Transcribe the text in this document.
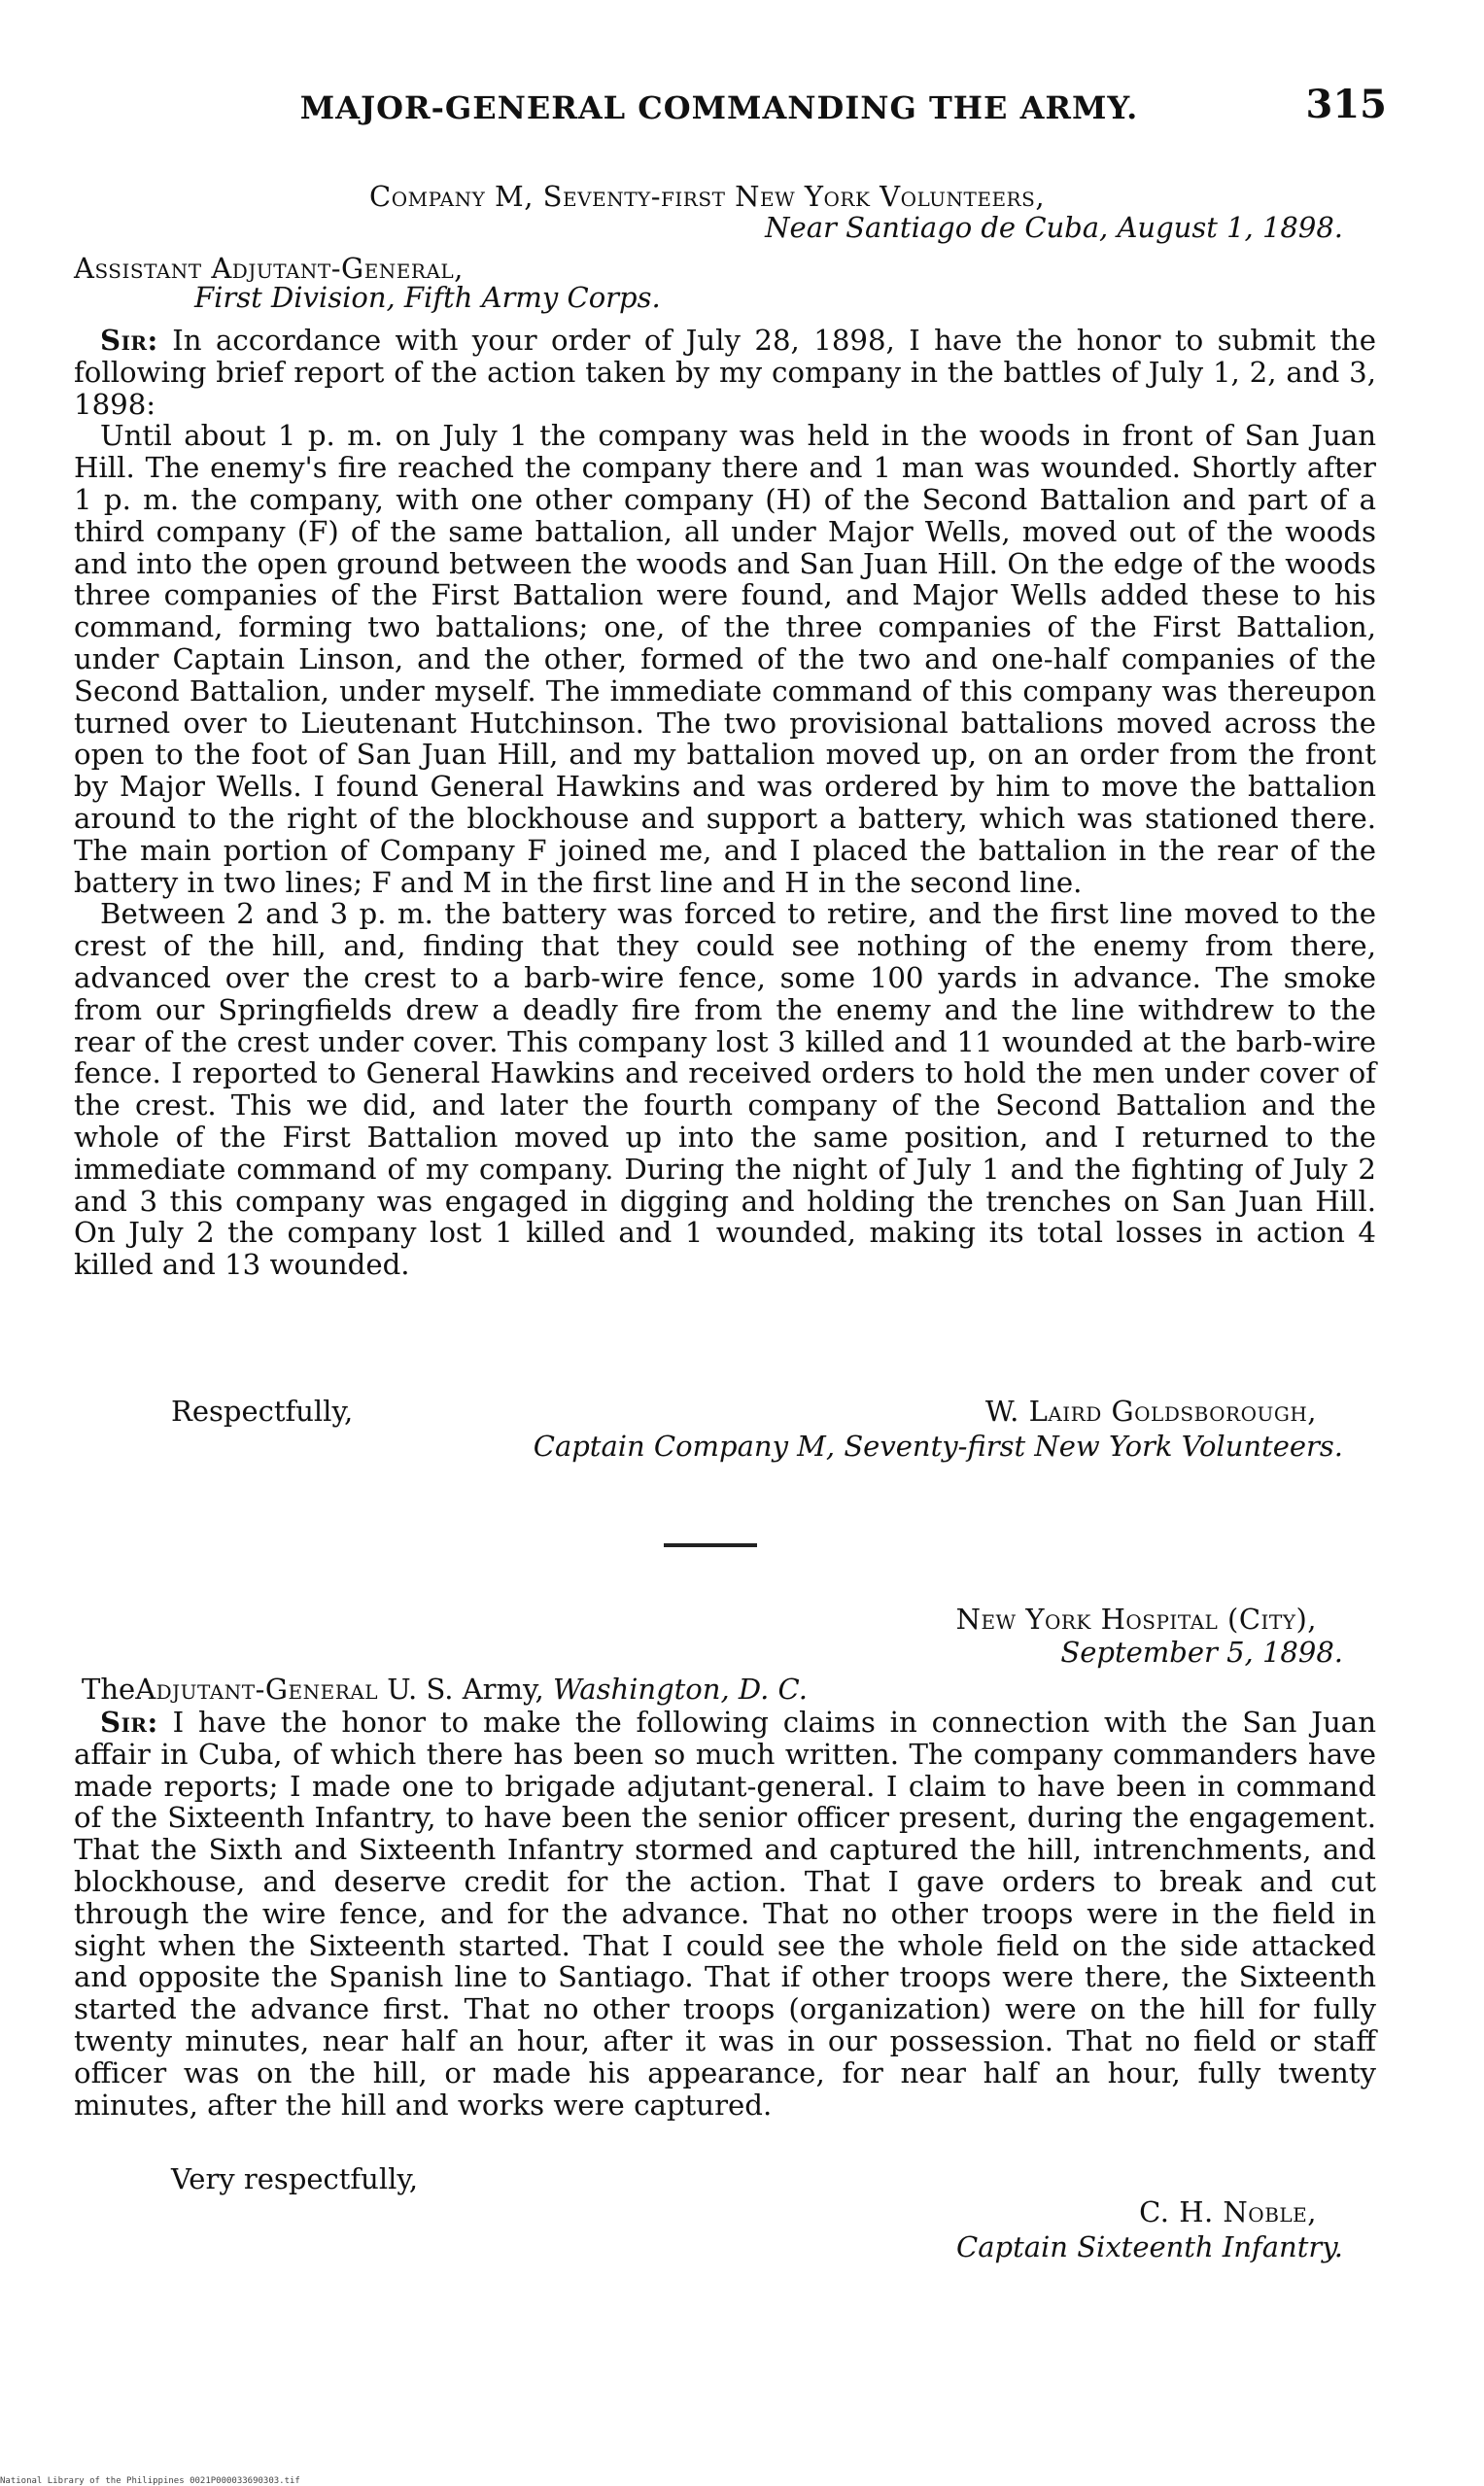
MAJOR-GENERAL COMMANDING THE ARMY.	315
Company M, Seventy-first New York Volunteers,
Near Santiago de Cuba, August 1, 1898.
Assistant Adjutant-General,
First Division, Fifth Army Corps.

Sir: In accordance with your order of July 28, 1898, I have the honor to submit the following brief report of the action taken by my company in the battles of July 1, 2, and 3, 1898:

Until about 1 p. m. on July 1 the company was held in the woods in front of San Juan Hill. The enemy's fire reached the company there and 1 man was wounded. Shortly after 1 p. m. the company, with one other company (H) of the Second Battalion and part of a third company (F) of the same battalion, all under Major Wells, moved out of the woods and into the open ground between the woods and San Juan Hill. On the edge of the woods three companies of the First Battalion were found, and Major Wells added these to his command, forming two battalions; one, of the three companies of the First Battalion, under Captain Linson, and the other, formed of the two and one-half companies of the Second Battalion, under myself. The immediate command of this company was thereupon turned over to Lieutenant Hutchinson. The two provisional battalions moved across the open to the foot of San Juan Hill, and my battalion moved up, on an order from the front by Major Wells. I found General Hawkins and was ordered by him to move the battalion around to the right of the blockhouse and support a battery, which was stationed there. The main portion of Company F joined me, and I placed the battalion in the rear of the battery in two lines; F and M in the first line and H in the second line.

Between 2 and 3 p. m. the battery was forced to retire, and the first line moved to the crest of the hill, and, finding that they could see nothing of the enemy from there, advanced over the crest to a barb-wire fence, some 100 yards in advance. The smoke from our Springfields drew a deadly fire from the enemy and the line withdrew to the rear of the crest under cover. This company lost 3 killed and 11 wounded at the barb-wire fence. I reported to General Hawkins and received orders to hold the men under cover of the crest. This we did, and later the fourth company of the Second Battalion and the whole of the First Battalion moved up into the same position, and I returned to the immediate command of my company. During the night of July 1 and the fighting of July 2 and 3 this company was engaged in digging and holding the trenches on San Juan Hill. On July 2 the company lost 1 killed and 1 wounded, making its total losses in action 4 killed and 13 wounded.

Respectfully,	W. Laird Goldsborough,
Captain Company M, Seventy-first New York Volunteers.
New York Hospital (City),
September 5, 1898.
TheAdjutant-General U. S. Army, Washington, D. C.

Sir: I have the honor to make the following claims in connection with the San Juan affair in Cuba, of which there has been so much written. The company commanders have made reports; I made one to brigade adjutant-general. I claim to have been in command of the Sixteenth Infantry, to have been the senior officer present, during the engagement. That the Sixth and Sixteenth Infantry stormed and captured the hill, intrenchments, and blockhouse, and deserve credit for the action. That I gave orders to break and cut through the wire fence, and for the advance. That no other troops were in the field in sight when the Sixteenth started. That I could see the whole field on the side attacked and opposite the Spanish line to Santiago. That if other troops were there, the Sixteenth started the advance first. That no other troops (organization) were on the hill for fully twenty minutes, near half an hour, after it was in our possession. That no field or staff officer was on the hill, or made his appearance, for near half an hour, fully twenty minutes, after the hill and works were captured.

Very respectfully,
C. H. Noble,
Captain Sixteenth Infantry.
National Library of the Philippines 0021P000033690303.tif
